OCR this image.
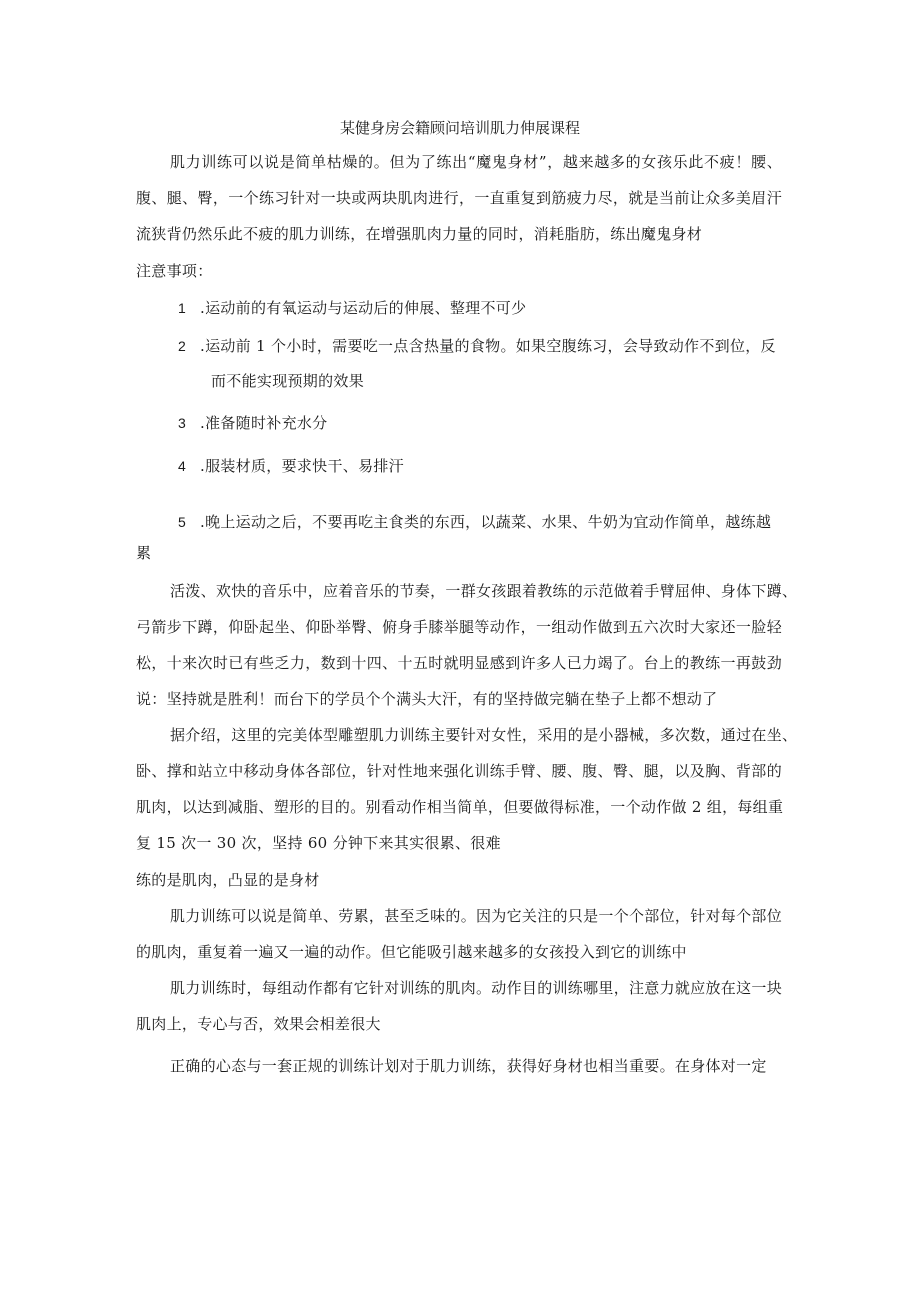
某健身房会籍顾问培训肌力伸展课程
肌力训练可以说是简单枯燥的。但为了练出“魔鬼身材”，越来越多的女孩乐此不疲！腰、
腹、腿、臀，一个练习针对一块或两块肌肉进行，一直重复到筋疲力尽，就是当前让众多美眉汗
流狭背仍然乐此不疲的肌力训练，在增强肌肉力量的同时，消耗脂肪，练出魔鬼身材
注意事项：
1 .运动前的有氧运动与运动后的伸展、整理不可少
2 .运动前 1 个小时，需要吃一点含热量的食物。如果空腹练习，会导致动作不到位，反
而不能实现预期的效果
3 .准备随时补充水分
4 .服装材质，要求快干、易排汗
5 .晚上运动之后，不要再吃主食类的东西，以蔬菜、水果、牛奶为宜动作简单，越练越
累
活泼、欢快的音乐中，应着音乐的节奏，一群女孩跟着教练的示范做着手臂屈伸、身体下蹲、
弓箭步下蹲，仰卧起坐、仰卧举臀、俯身手膝举腿等动作，一组动作做到五六次时大家还一脸轻
松，十来次时已有些乏力，数到十四、十五时就明显感到许多人已力竭了。台上的教练一再鼓劲
说：坚持就是胜利！而台下的学员个个满头大汗，有的坚持做完躺在垫子上都不想动了
据介绍，这里的完美体型雕塑肌力训练主要针对女性，采用的是小器械，多次数，通过在坐、
卧、撑和站立中移动身体各部位，针对性地来强化训练手臂、腰、腹、臀、腿，以及胸、背部的
肌肉，以达到减脂、塑形的目的。别看动作相当简单，但要做得标准，一个动作做 2 组，每组重
复 15 次一 30 次，坚持 60 分钟下来其实很累、很难
练的是肌肉，凸显的是身材
肌力训练可以说是简单、劳累，甚至乏味的。因为它关注的只是一个个部位，针对每个部位
的肌肉，重复着一遍又一遍的动作。但它能吸引越来越多的女孩投入到它的训练中
肌力训练时，每组动作都有它针对训练的肌肉。动作目的训练哪里，注意力就应放在这一块
肌肉上，专心与否，效果会相差很大
正确的心态与一套正规的训练计划对于肌力训练，获得好身材也相当重要。在身体对一定
